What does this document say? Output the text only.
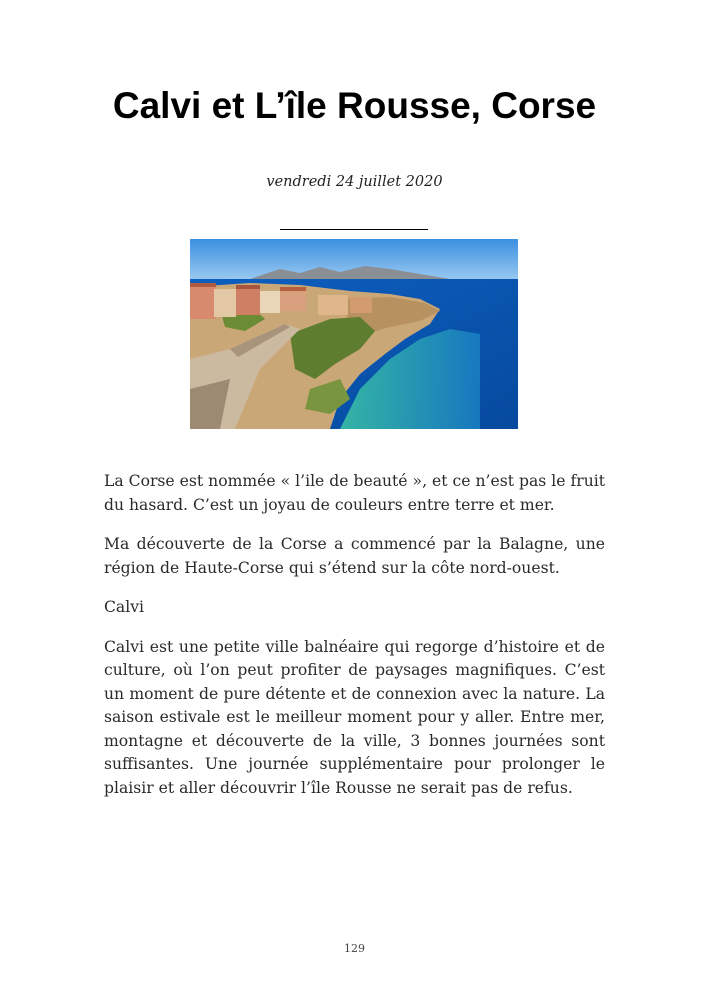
Calvi et L’île Rousse, Corse
vendredi 24 juillet 2020

La Corse est nommée « l’ile de beauté », et ce n’est pas le fruit du hasard. C’est un joyau de couleurs entre terre et mer.

Ma découverte de la Corse a commencé par la Balagne, une région de Haute-Corse qui s’étend sur la côte nord-ouest.

Calvi

Calvi est une petite ville balnéaire qui regorge d’histoire et de culture, où l’on peut profiter de paysages magnifiques. C’est un moment de pure détente et de connexion avec la nature. La saison estivale est le meilleur moment pour y aller. Entre mer, montagne et découverte de la ville, 3 bonnes journées sont suffisantes. Une journée supplémentaire pour prolonger le plaisir et aller découvrir l’île Rousse ne serait pas de refus.

129
